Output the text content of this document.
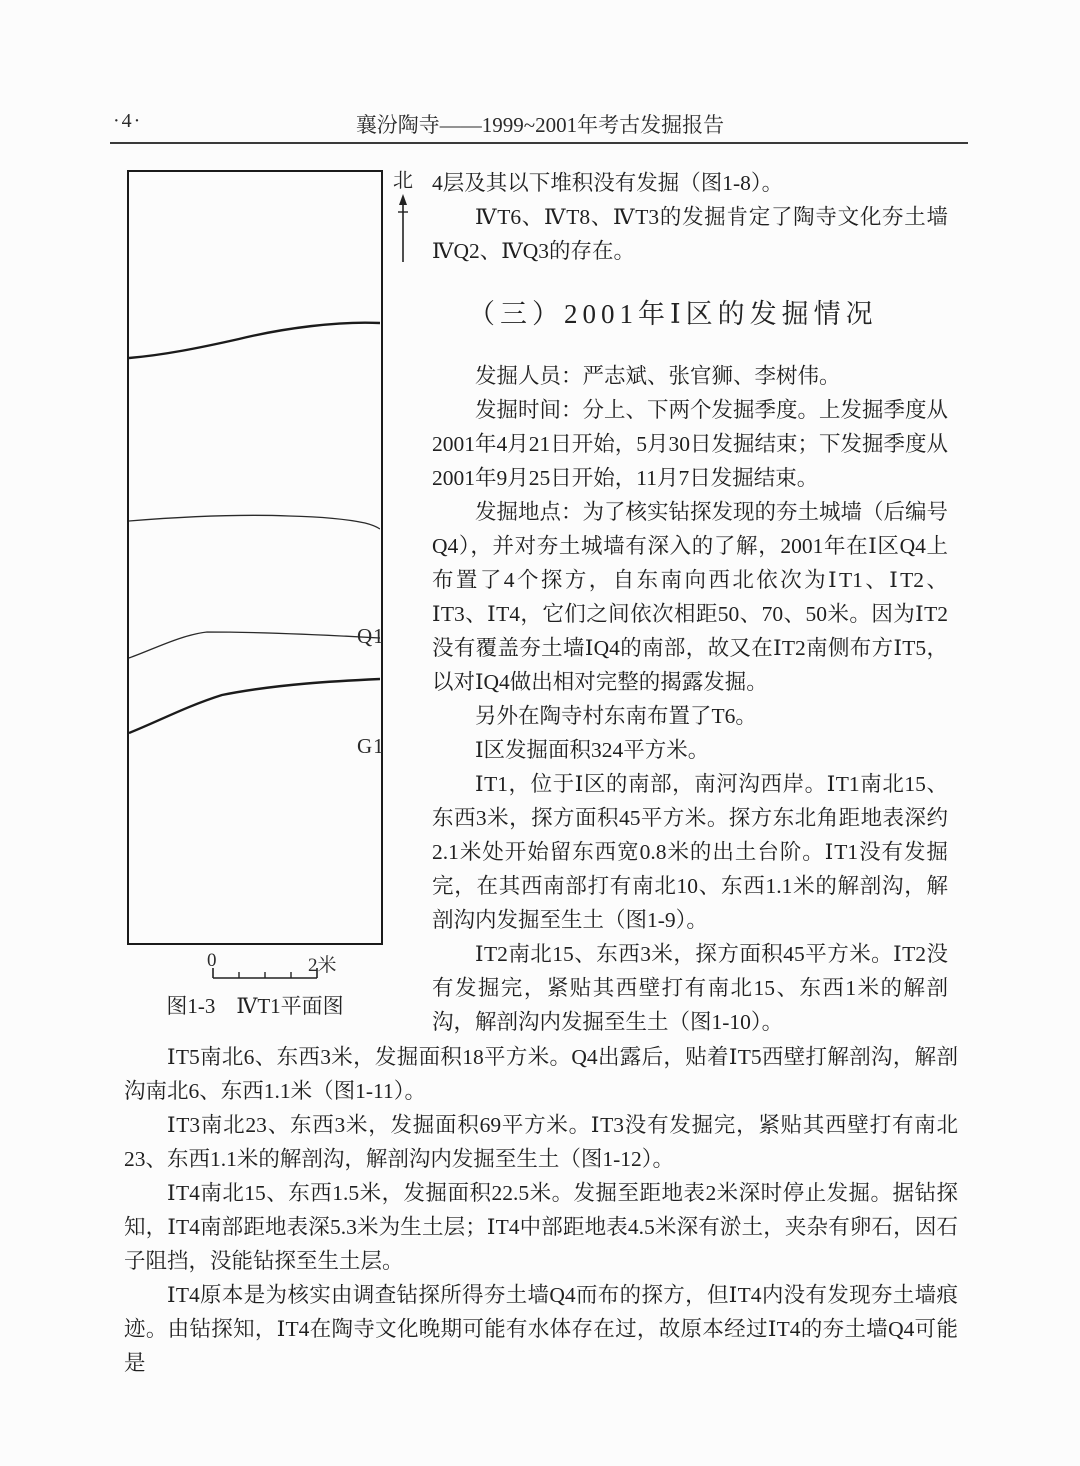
·4·	襄汾陶寺——1999~2001年考古发掘报告
Q1
G1
北
0	2米
图1-3　ⅣT1平面图

4层及其以下堆积没有发掘（图1-8）。

ⅣT6、ⅣT8、ⅣT3的发掘肯定了陶寺文化夯土墙ⅣQ2、ⅣQ3的存在。

（三）2001年Ⅰ区的发掘情况

发掘人员：严志斌、张官狮、李树伟。

发掘时间：分上、下两个发掘季度。上发掘季度从2001年4月21日开始，5月30日发掘结束；下发掘季度从2001年9月25日开始，11月7日发掘结束。

发掘地点：为了核实钻探发现的夯土城墙（后编号Q4），并对夯土城墙有深入的了解，2001年在Ⅰ区Q4上布置了4个探方，自东南向西北依次为ⅠT1、ⅠT2、ⅠT3、ⅠT4，它们之间依次相距50、70、50米。因为ⅠT2没有覆盖夯土墙ⅠQ4的南部，故又在ⅠT2南侧布方ⅠT5，以对ⅠQ4做出相对完整的揭露发掘。

另外在陶寺村东南布置了T6。

Ⅰ区发掘面积324平方米。

ⅠT1，位于Ⅰ区的南部，南河沟西岸。ⅠT1南北15、东西3米，探方面积45平方米。探方东北角距地表深约2.1米处开始留东西宽0.8米的出土台阶。ⅠT1没有发掘完，在其西南部打有南北10、东西1.1米的解剖沟，解剖沟内发掘至生土（图1-9）。

ⅠT2南北15、东西3米，探方面积45平方米。ⅠT2没有发掘完，紧贴其西壁打有南北15、东西1米的解剖沟，解剖沟内发掘至生土（图1-10）。

ⅠT5南北6、东西3米，发掘面积18平方米。Q4出露后，贴着ⅠT5西壁打解剖沟，解剖沟南北6、东西1.1米（图1-11）。

ⅠT3南北23、东西3米，发掘面积69平方米。ⅠT3没有发掘完，紧贴其西壁打有南北23、东西1.1米的解剖沟，解剖沟内发掘至生土（图1-12）。

ⅠT4南北15、东西1.5米，发掘面积22.5米。发掘至距地表2米深时停止发掘。据钻探知，ⅠT4南部距地表深5.3米为生土层；ⅠT4中部距地表4.5米深有淤土，夹杂有卵石，因石子阻挡，没能钻探至生土层。

ⅠT4原本是为核实由调查钻探所得夯土墙Q4而布的探方，但ⅠT4内没有发现夯土墙痕迹。由钻探知，ⅠT4在陶寺文化晚期可能有水体存在过，故原本经过ⅠT4的夯土墙Q4可能是
